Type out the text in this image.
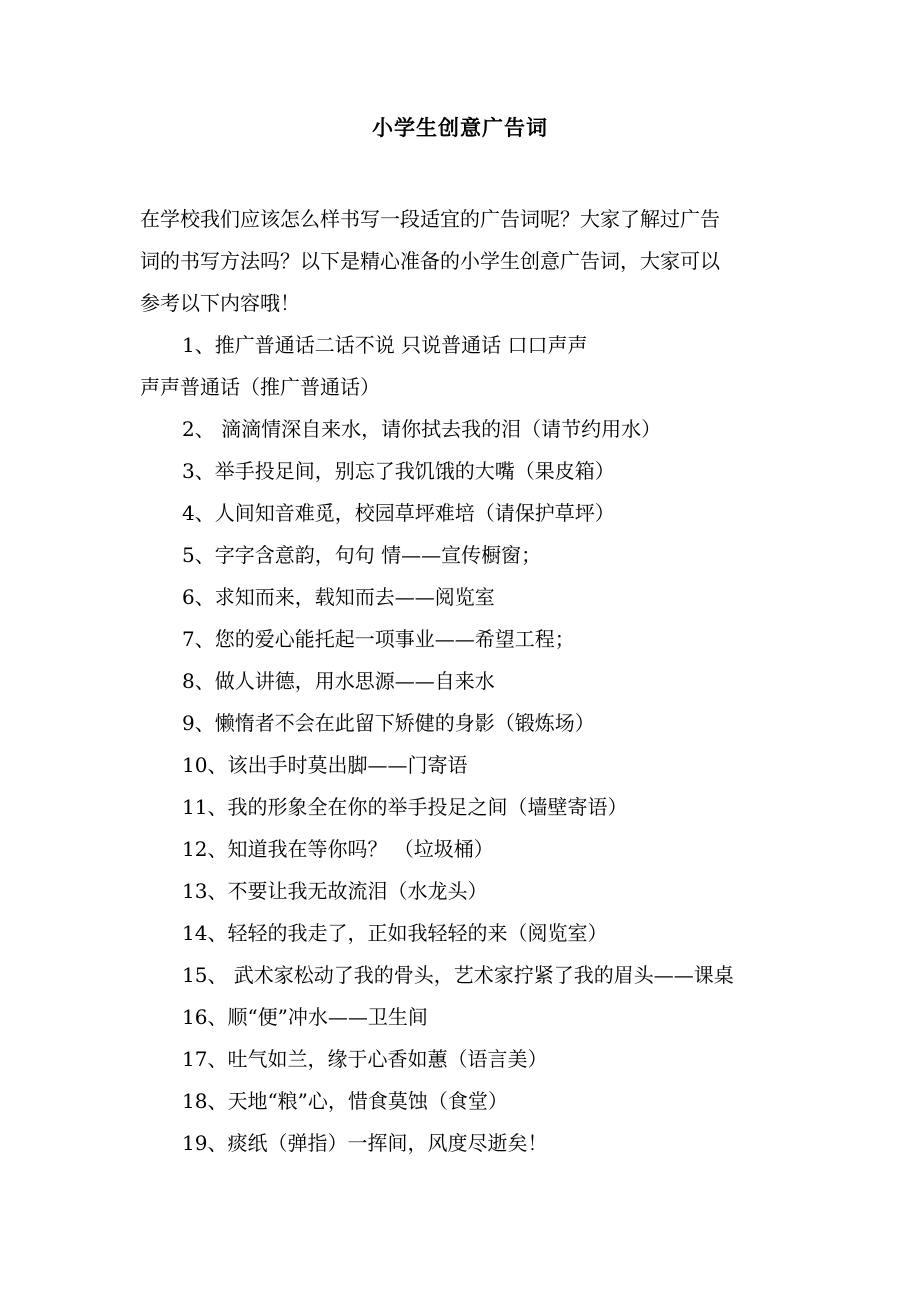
小学生创意广告词
在学校我们应该怎么样书写一段适宜的广告词呢？大家了解过广告
词的书写方法吗？以下是精心准备的小学生创意广告词，大家可以
参考以下内容哦！
1、推广普通话二话不说 只说普通话 口口声声
声声普通话（推广普通话）
2、 滴滴情深自来水，请你拭去我的泪（请节约用水）
3、举手投足间，别忘了我饥饿的大嘴（果皮箱）
4、人间知音难觅，校园草坪难培（请保护草坪）
5、字字含意韵，句句 情——宣传橱窗；
6、求知而来，载知而去——阅览室
7、您的爱心能托起一项事业——希望工程；
8、做人讲德，用水思源——自来水
9、懒惰者不会在此留下矫健的身影（锻炼场）
10、该出手时莫出脚——门寄语
11、我的形象全在你的举手投足之间（墙壁寄语）
12、知道我在等你吗？ （垃圾桶）
13、不要让我无故流泪（水龙头）
14、轻轻的我走了，正如我轻轻的来（阅览室）
15、 武术家松动了我的骨头，艺术家拧紧了我的眉头——课桌
16、顺“便”冲水——卫生间
17、吐气如兰，缘于心香如蕙（语言美）
18、天地“粮”心，惜食莫蚀（食堂）
19、痰纸（弹指）一挥间，风度尽逝矣！
